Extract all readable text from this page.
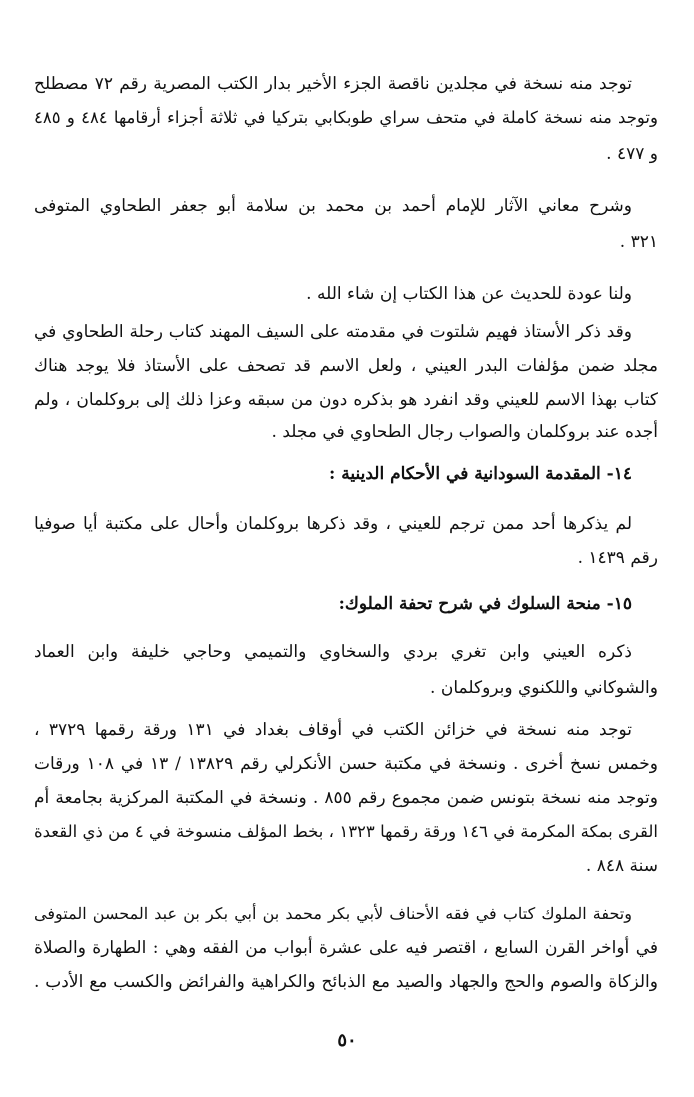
توجد منه نسخة في مجلدين ناقصة الجزء الأخير بدار الكتب المصرية رقم ٧٢ مصطلح
وتوجد منه نسخة كاملة في متحف سراي طوبكابي بتركيا في ثلاثة أجزاء أرقامها ٤٨٤ و ٤٨٥
و ٤٧٧ .
وشرح معاني الآثار للإمام أحمد بن محمد بن سلامة أبو جعفر الطحاوي المتوفى
٣٢١ .
ولنا عودة للحديث عن هذا الكتاب إن شاء الله .
وقد ذكر الأستاذ فهيم شلتوت في مقدمته على السيف المهند كتاب رحلة الطحاوي في
مجلد ضمن مؤلفات البدر العيني ، ولعل الاسم قد تصحف على الأستاذ فلا يوجد هناك
كتاب بهذا الاسم للعيني وقد انفرد هو بذكره دون من سبقه وعزا ذلك إلى بروكلمان ، ولم
أجده عند بروكلمان والصواب رجال الطحاوي في مجلد .
١٤- المقدمة السودانية في الأحكام الدينية :
لم يذكرها أحد ممن ترجم للعيني ، وقد ذكرها بروكلمان وأحال على مكتبة أيا صوفيا
رقم ١٤٣٩ .
١٥- منحة السلوك في شرح تحفة الملوك:
ذكره العيني وابن تغري بردي والسخاوي والتميمي وحاجي خليفة وابن العماد
والشوكاني واللكنوي وبروكلمان .
توجد منه نسخة في خزائن الكتب في أوقاف بغداد في ١٣١ ورقة رقمها ٣٧٢٩ ،
وخمس نسخ أخرى . ونسخة في مكتبة حسن الأنكرلي رقم ١٣٨٢٩ / ١٣ في ١٠٨ ورقات
وتوجد منه نسخة بتونس ضمن مجموع رقم ٨٥٥ . ونسخة في المكتبة المركزية بجامعة أم
القرى بمكة المكرمة في ١٤٦ ورقة رقمها ١٣٢٣ ، بخط المؤلف منسوخة في ٤ من ذي القعدة
سنة ٨٤٨ .
وتحفة الملوك كتاب في فقه الأحناف لأبي بكر محمد بن أبي بكر بن عبد المحسن المتوفى
في أواخر القرن السابع ، اقتصر فيه على عشرة أبواب من الفقه وهي : الطهارة والصلاة
والزكاة والصوم والحج والجهاد والصيد مع الذبائح والكراهية والفرائض والكسب مع الأدب .
٥٠
